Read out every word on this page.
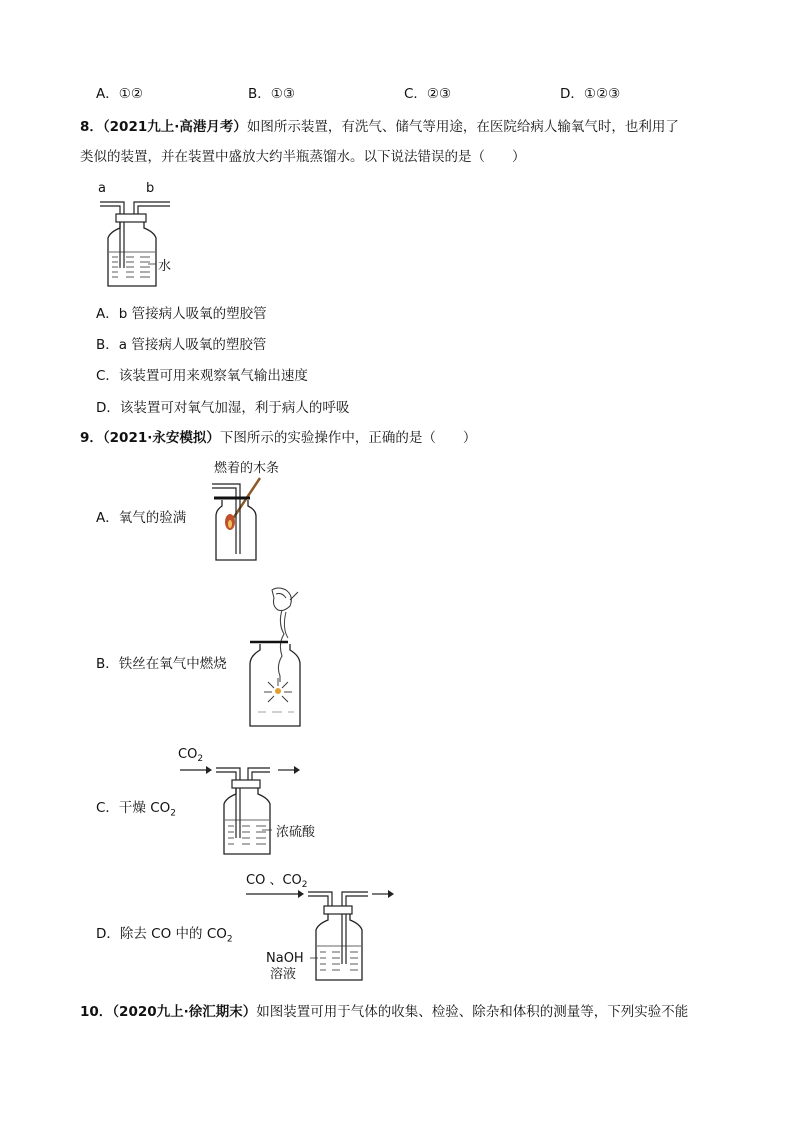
A．①②	B．①③	C．②③	D．①②③
8．（2021九上·高港月考）如图所示装置，有洗气、储气等用途，在医院给病人输氧气时，也利用了
类似的装置，并在装置中盛放大约半瓶蒸馏水。以下说法错误的是（　　）
a	b
水
A．b 管接病人吸氧的塑胶管
B．a 管接病人吸氧的塑胶管
C．该装置可用来观察氧气输出速度
D．该装置可对氧气加湿，利于病人的呼吸
9．（2021·永安模拟）下图所示的实验操作中，正确的是（　　）
A．氧气的验满
燃着的木条
B．铁丝在氧气中燃烧
C．干燥 $CO_2$
$CO_2$
浓硫酸
D．除去 CO 中的 $CO_2$
CO 、$CO_2$
NaOH
溶液
10．（2020九上·徐汇期末）如图装置可用于气体的收集、检验、除杂和体积的测量等，下列实验不能
